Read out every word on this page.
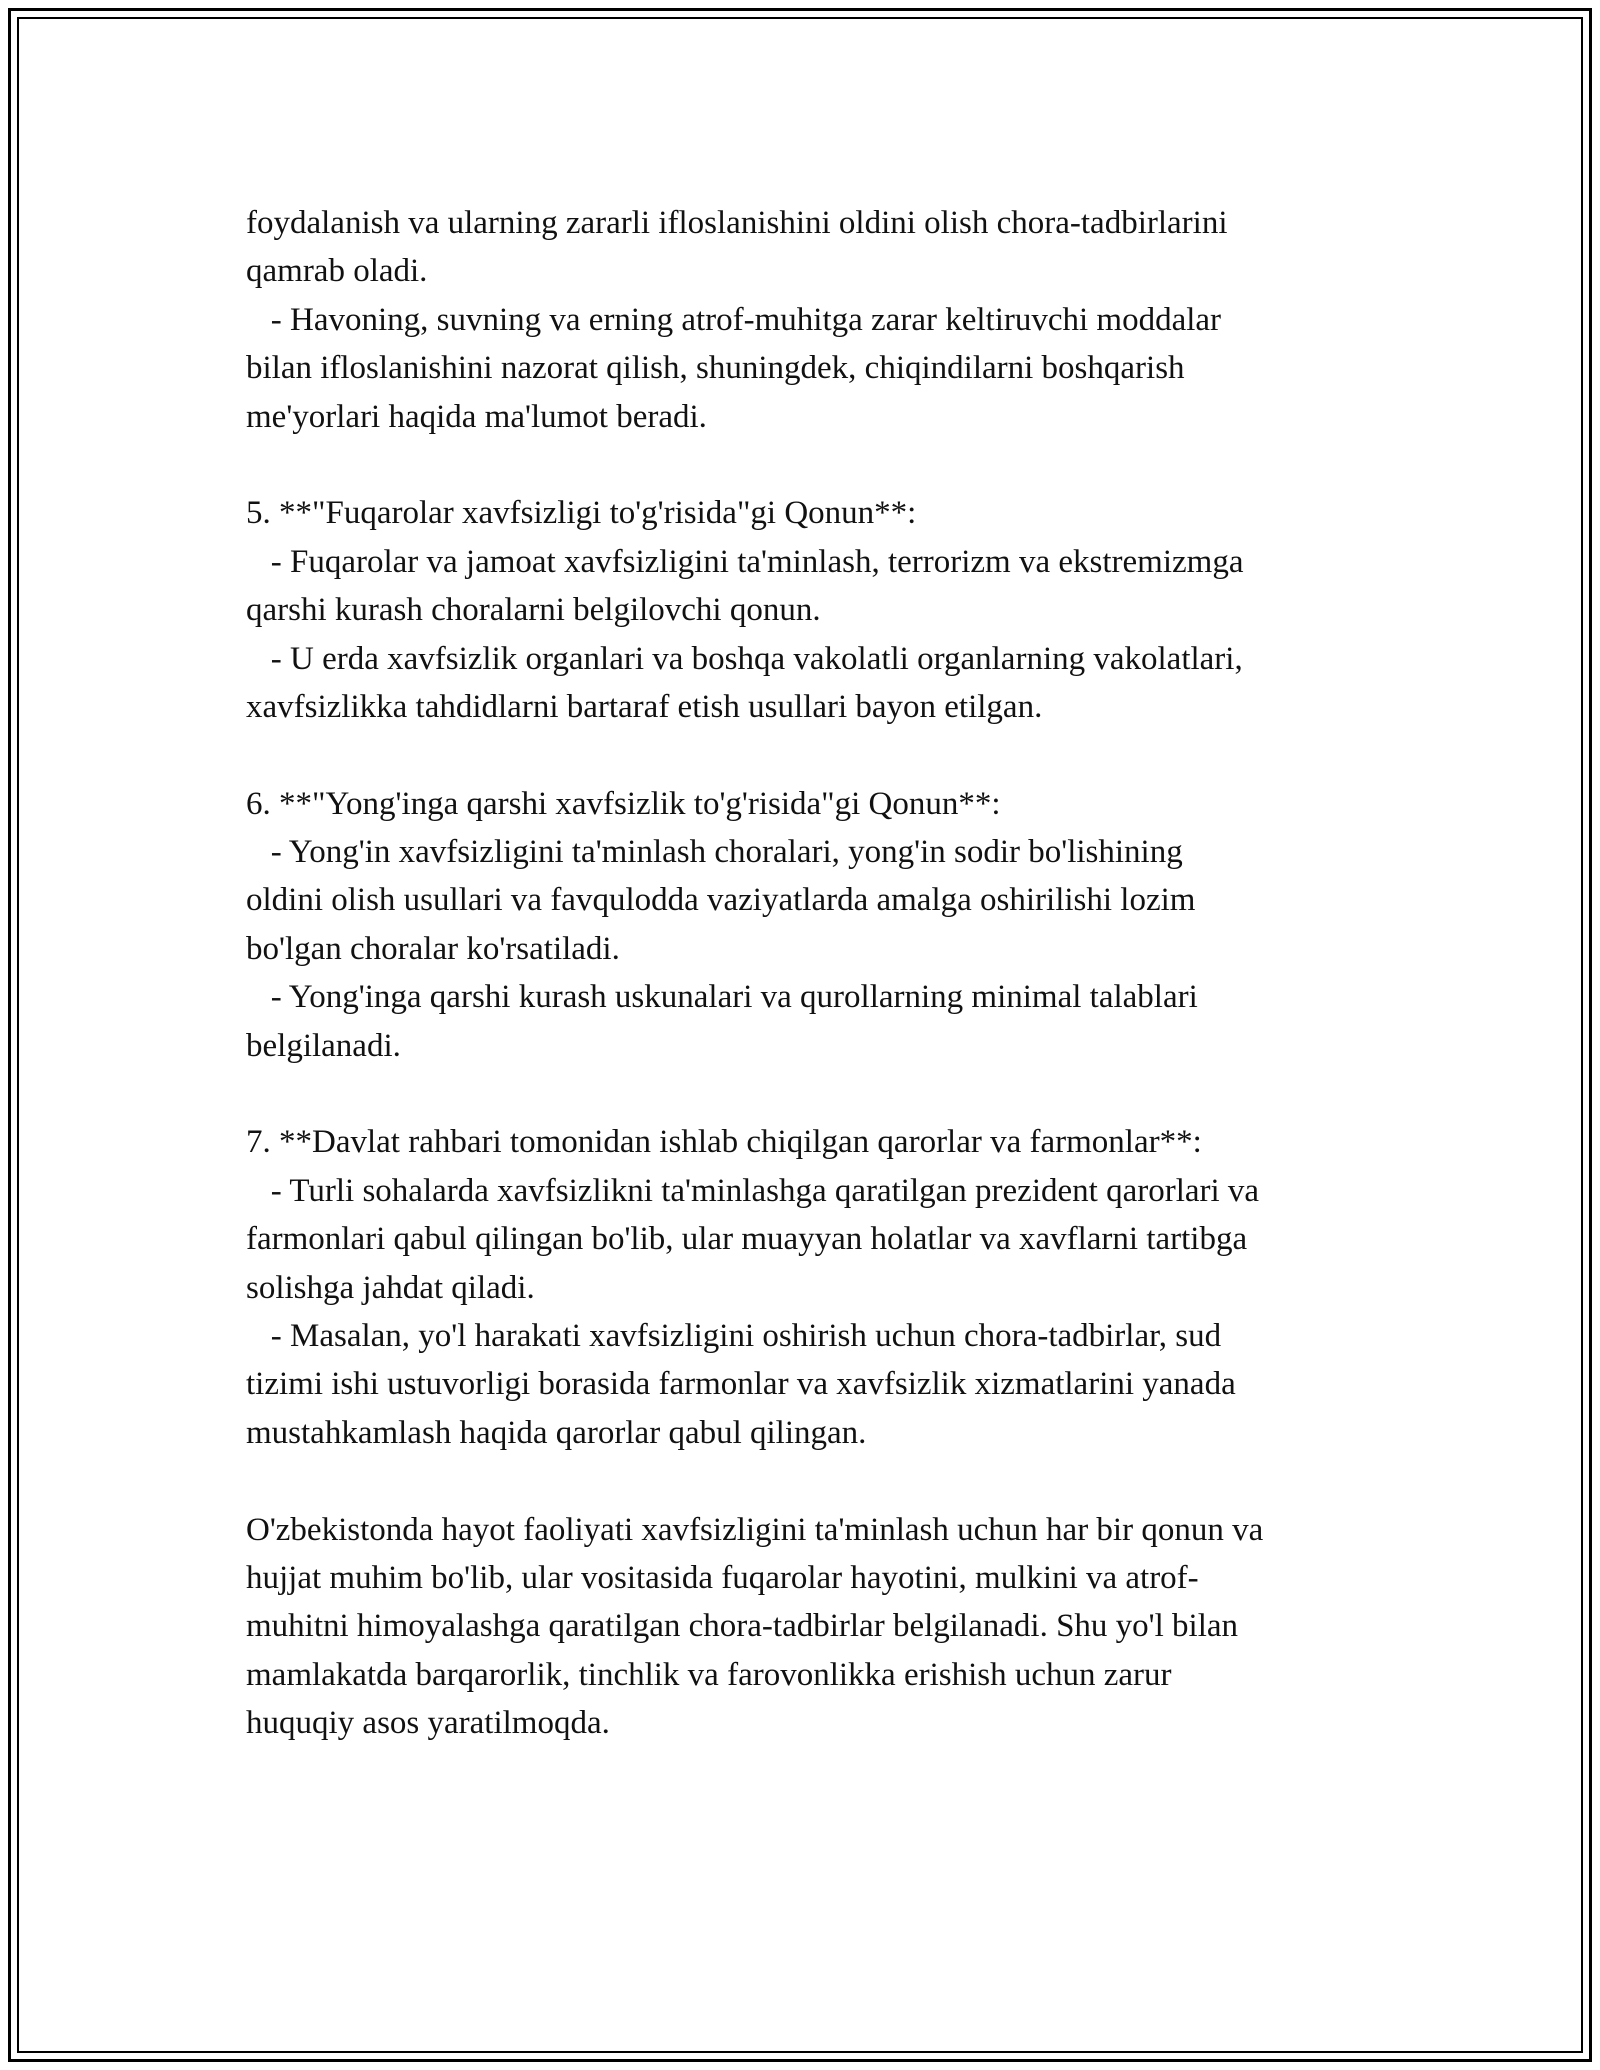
foydalanish va ularning zararli ifloslanishini oldini olish chora-tadbirlarini
qamrab oladi.
- Havoning, suvning va erning atrof-muhitga zarar keltiruvchi moddalar
bilan ifloslanishini nazorat qilish, shuningdek, chiqindilarni boshqarish
me'yorlari haqida ma'lumot beradi.
5. **"Fuqarolar xavfsizligi to'g'risida"gi Qonun**:
- Fuqarolar va jamoat xavfsizligini ta'minlash, terrorizm va ekstremizmga
qarshi kurash choralarni belgilovchi qonun.
- U erda xavfsizlik organlari va boshqa vakolatli organlarning vakolatlari,
xavfsizlikka tahdidlarni bartaraf etish usullari bayon etilgan.
6. **"Yong'inga qarshi xavfsizlik to'g'risida"gi Qonun**:
- Yong'in xavfsizligini ta'minlash choralari, yong'in sodir bo'lishining
oldini olish usullari va favqulodda vaziyatlarda amalga oshirilishi lozim
bo'lgan choralar ko'rsatiladi.
- Yong'inga qarshi kurash uskunalari va qurollarning minimal talablari
belgilanadi.
7. **Davlat rahbari tomonidan ishlab chiqilgan qarorlar va farmonlar**:
- Turli sohalarda xavfsizlikni ta'minlashga qaratilgan prezident qarorlari va
farmonlari qabul qilingan bo'lib, ular muayyan holatlar va xavflarni tartibga
solishga jahdat qiladi.
- Masalan, yo'l harakati xavfsizligini oshirish uchun chora-tadbirlar, sud
tizimi ishi ustuvorligi borasida farmonlar va xavfsizlik xizmatlarini yanada
mustahkamlash haqida qarorlar qabul qilingan.
O'zbekistonda hayot faoliyati xavfsizligini ta'minlash uchun har bir qonun va
hujjat muhim bo'lib, ular vositasida fuqarolar hayotini, mulkini va atrof-
muhitni himoyalashga qaratilgan chora-tadbirlar belgilanadi. Shu yo'l bilan
mamlakatda barqarorlik, tinchlik va farovonlikka erishish uchun zarur
huquqiy asos yaratilmoqda.
